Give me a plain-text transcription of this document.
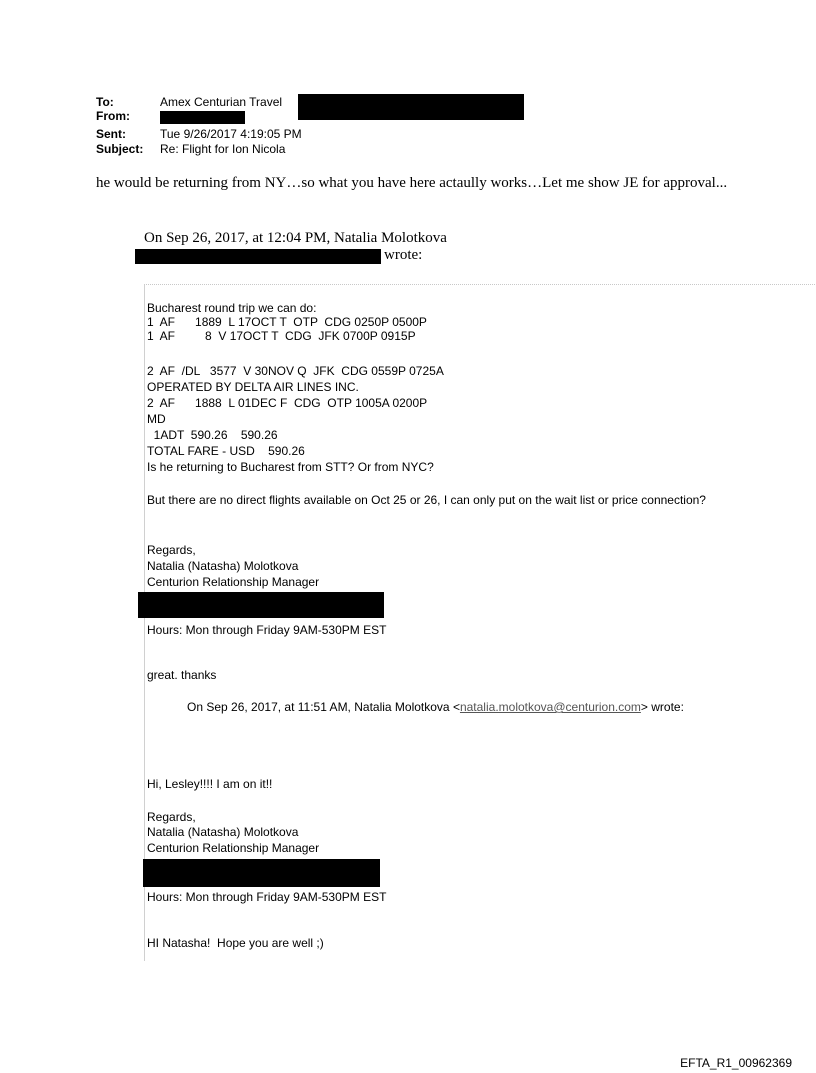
To:	Amex Centurian Travel
From:
Sent:	Tue 9/26/2017 4:19:05 PM
Subject: Re: Flight for Ion Nicola
he would be returning from NY…so what you have here actaully works…Let me show JE for approval...
On Sep 26, 2017, at 12:04 PM, Natalia Molotkova
wrote:
Bucharest round trip we can do:
1  AF      1889  L 17OCT T  OTP  CDG 0250P 0500P
1  AF         8  V 17OCT T  CDG  JFK 0700P 0915P
2  AF  /DL   3577  V 30NOV Q  JFK  CDG 0559P 0725A
OPERATED BY DELTA AIR LINES INC.
2  AF      1888  L 01DEC F  CDG  OTP 1005A 0200P
MD
1ADT  590.26    590.26
TOTAL FARE - USD    590.26
Is he returning to Bucharest from STT? Or from NYC?
But there are no direct flights available on Oct 25 or 26, I can only put on the wait list or price connection?
Regards,
Natalia (Natasha) Molotkova
Centurion Relationship Manager
Hours: Mon through Friday 9AM-530PM EST
great. thanks
On Sep 26, 2017, at 11:51 AM, Natalia Molotkova <natalia.molotkova@centurion.com> wrote:
Hi, Lesley!!!! I am on it!!
Regards,
Natalia (Natasha) Molotkova
Centurion Relationship Manager
Hours: Mon through Friday 9AM-530PM EST
HI Natasha!  Hope you are well ;)
EFTA_R1_00962369
